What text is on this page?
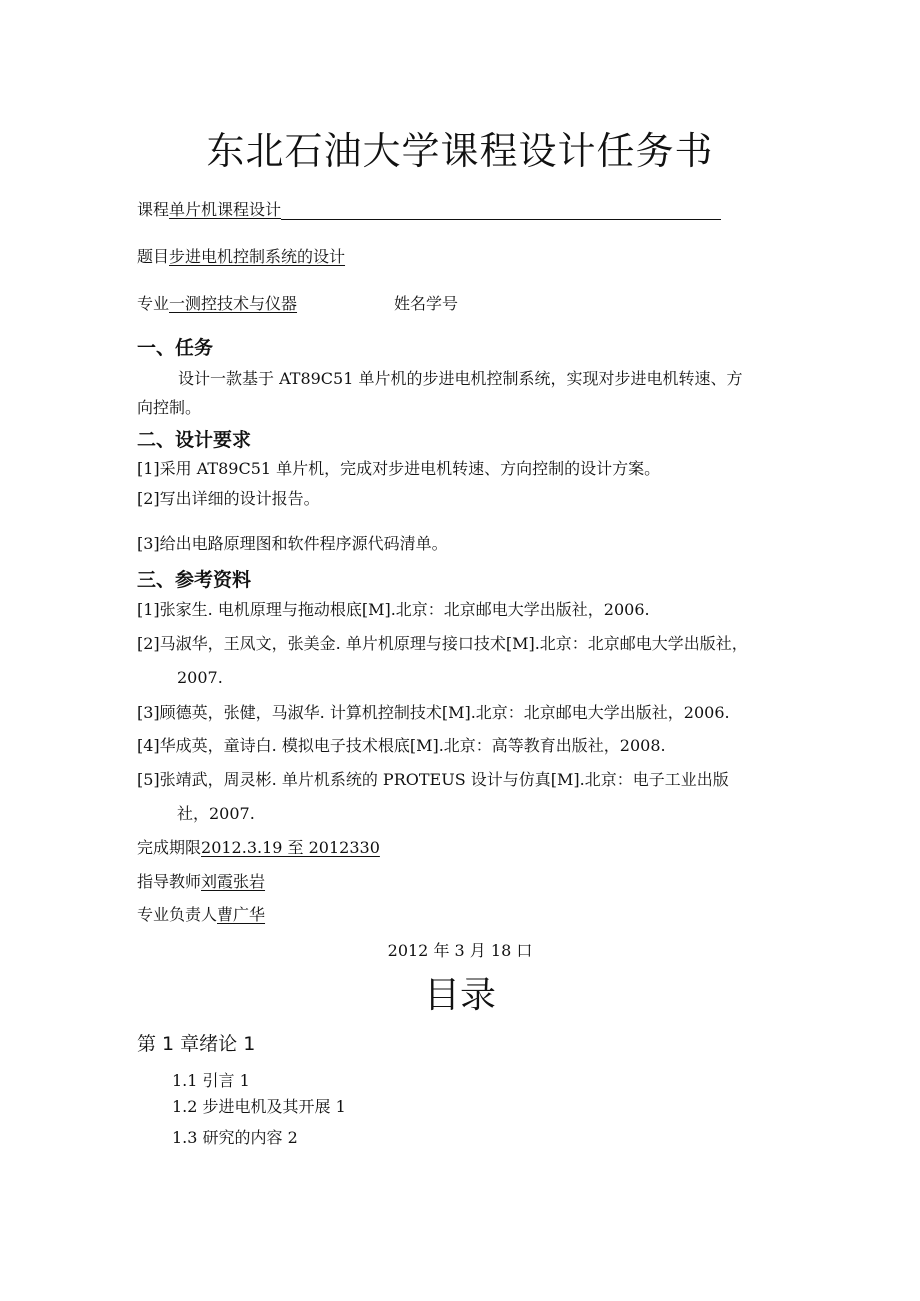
东北石油大学课程设计任务书
课程单片机课程设计
题目步进电机控制系统的设计
专业一测控技术与仪器	姓名学号
一、任务
设计一款基于 AT89C51 单片机的步进电机控制系统，实现对步进电机转速、方
向控制。
二、设计要求
[1]采用 AT89C51 单片机，完成对步进电机转速、方向控制的设计方案。
[2]写出详细的设计报告。
[3]给出电路原理图和软件程序源代码清单。
三、参考资料
[1]张家生. 电机原理与拖动根底[M].北京：北京邮电大学出版社，2006.
[2]马淑华，王凤文，张美金. 单片机原理与接口技术[M].北京：北京邮电大学出版社，
2007.
[3]顾德英，张健，马淑华. 计算机控制技术[M].北京：北京邮电大学出版社，2006.
[4]华成英，童诗白. 模拟电子技术根底[M].北京：高等教育出版社，2008.
[5]张靖武，周灵彬. 单片机系统的 PROTEUS 设计与仿真[M].北京：电子工业出版
社，2007.
完成期限2012.3.19 至 2012330
指导教师刘霞张岩
专业负责人曹广华
2012 年 3 月 18 口
目录
第 1 章绪论 1
1.1 引言 1
1.2 步进电机及其开展 1
1.3 研究的内容 2
